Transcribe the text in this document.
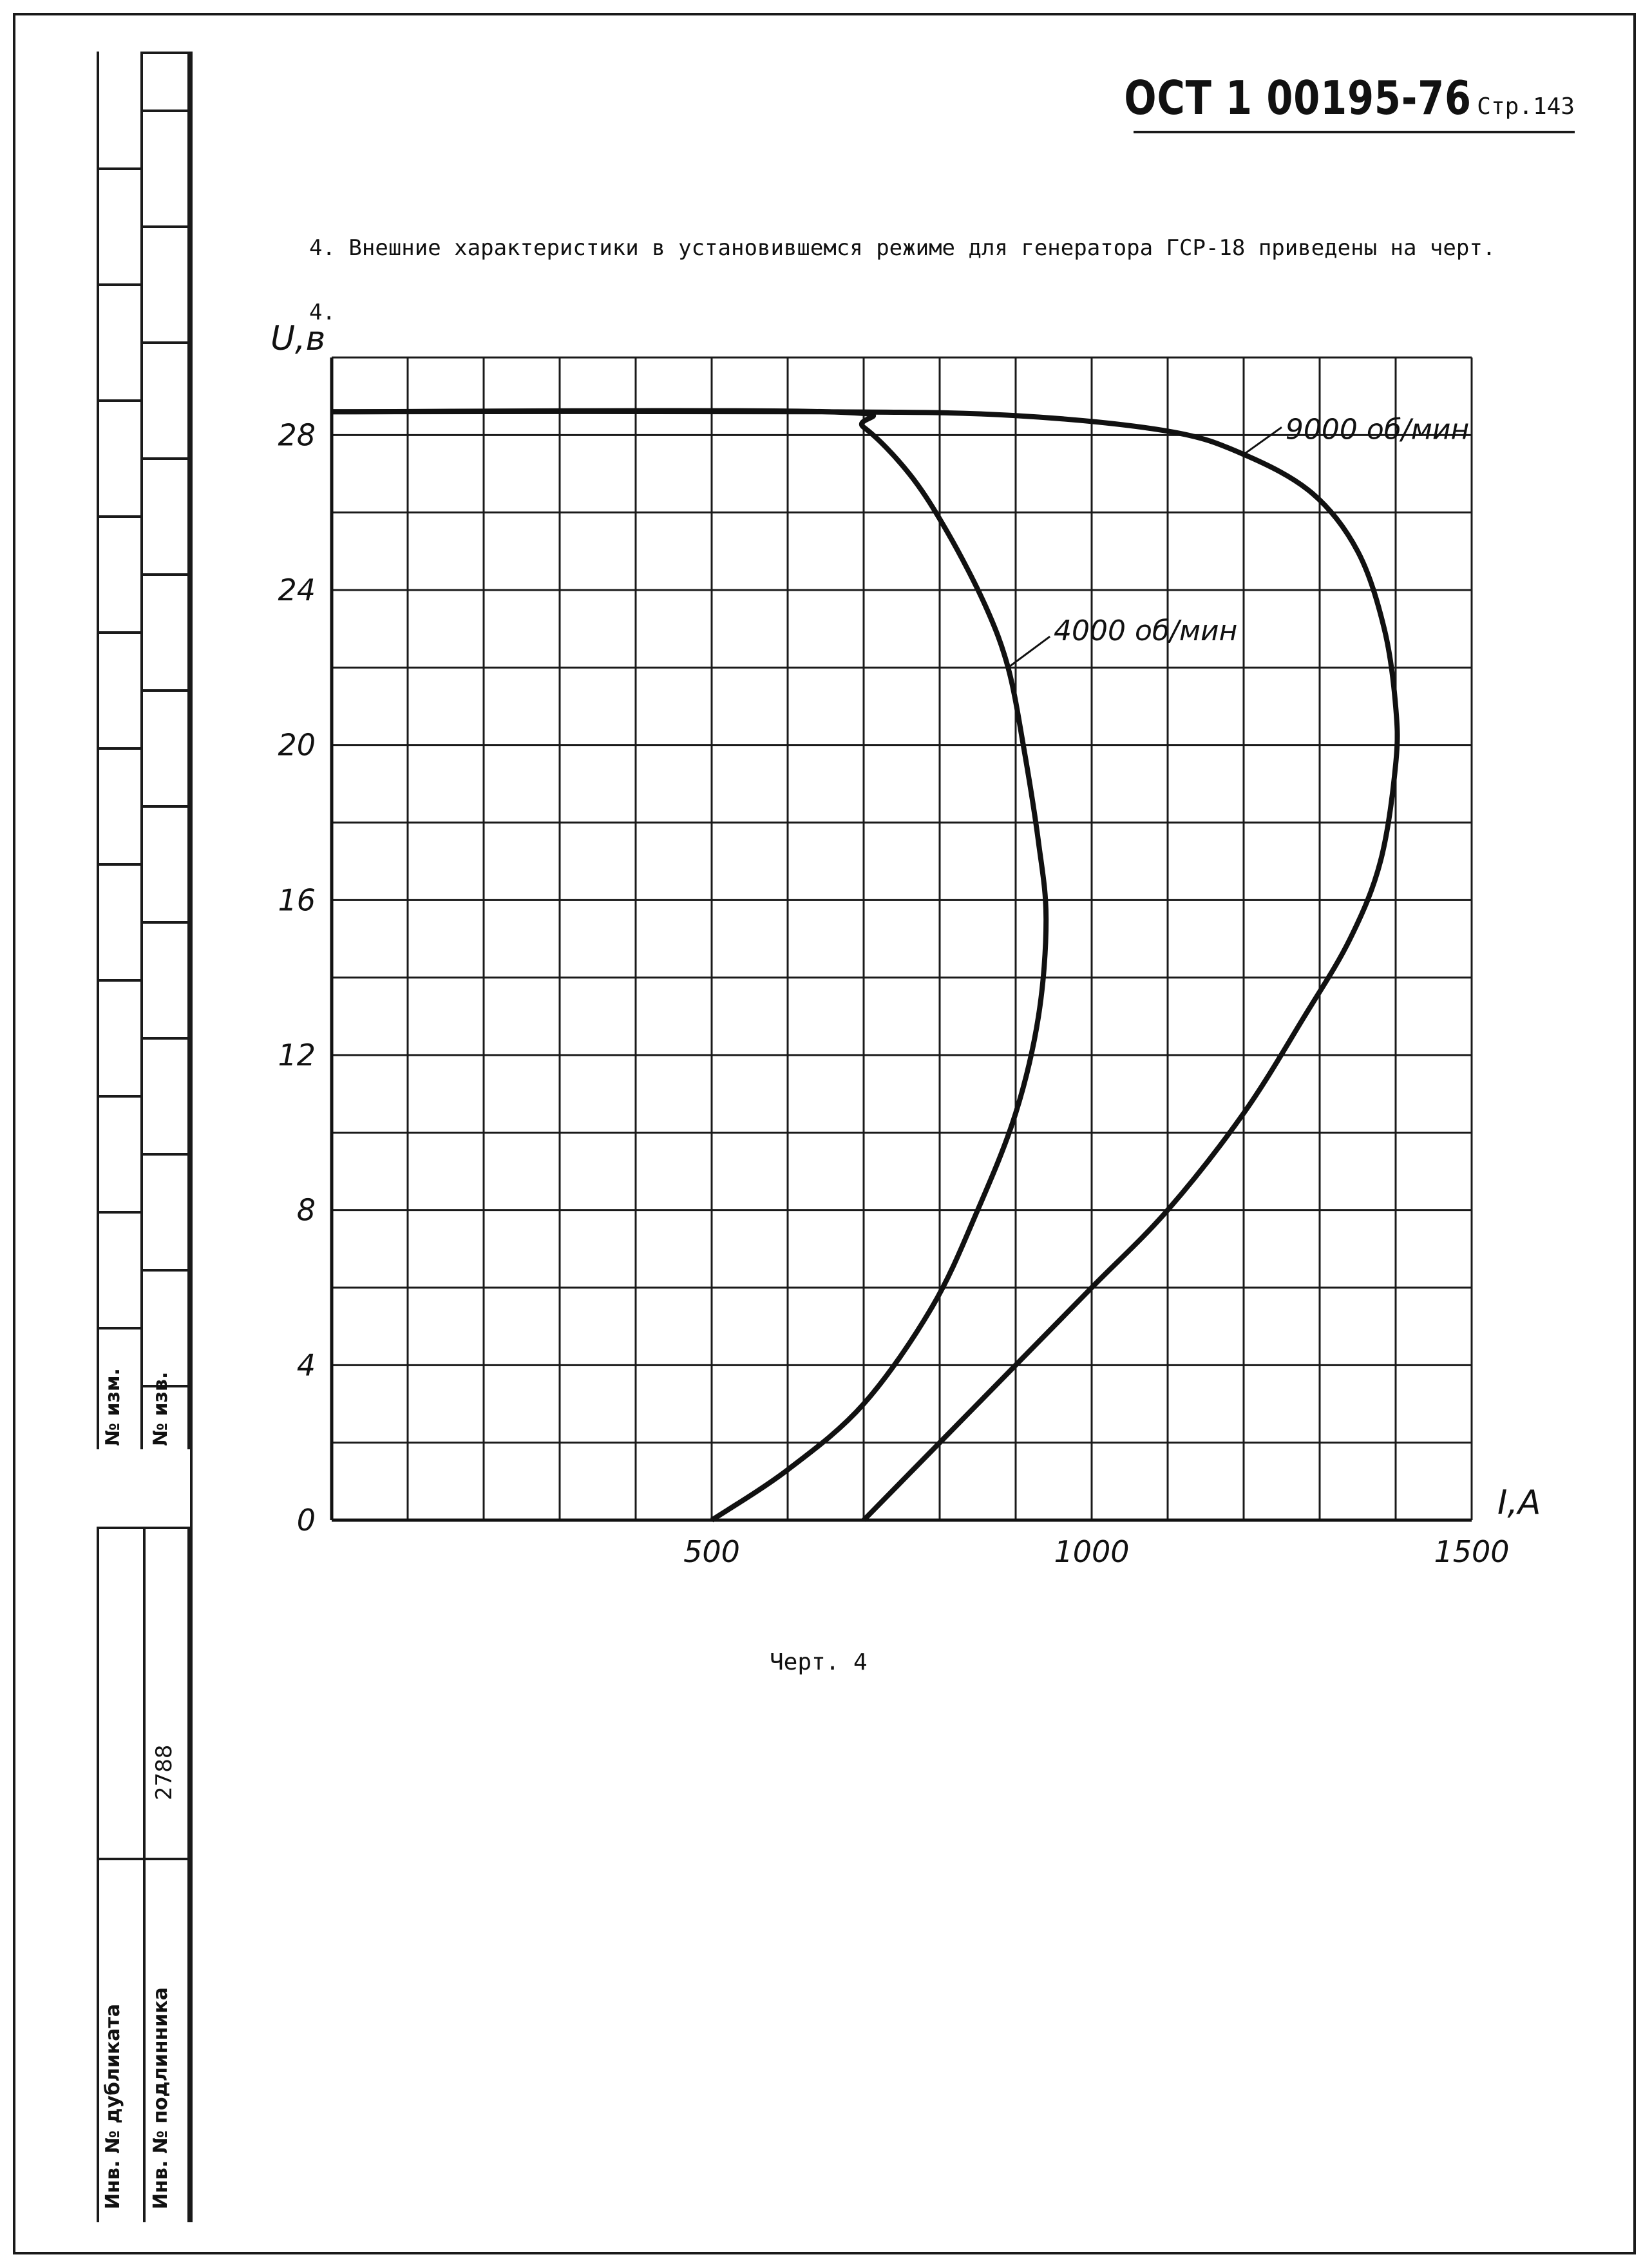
№ изм. № изв.
2788
Инв. № дубликата Инв. № подлинника
ОСТ 1 00195-76 Стр.143
4. Внешние характеристики в установившемся режиме для генератора ГСР-18 приведены на черт. 4.
0
4
8
12
16
20
24
28
500	1000	1500
U,в
I,A
4000 об/мин
9000 об/мин
Черт. 4
